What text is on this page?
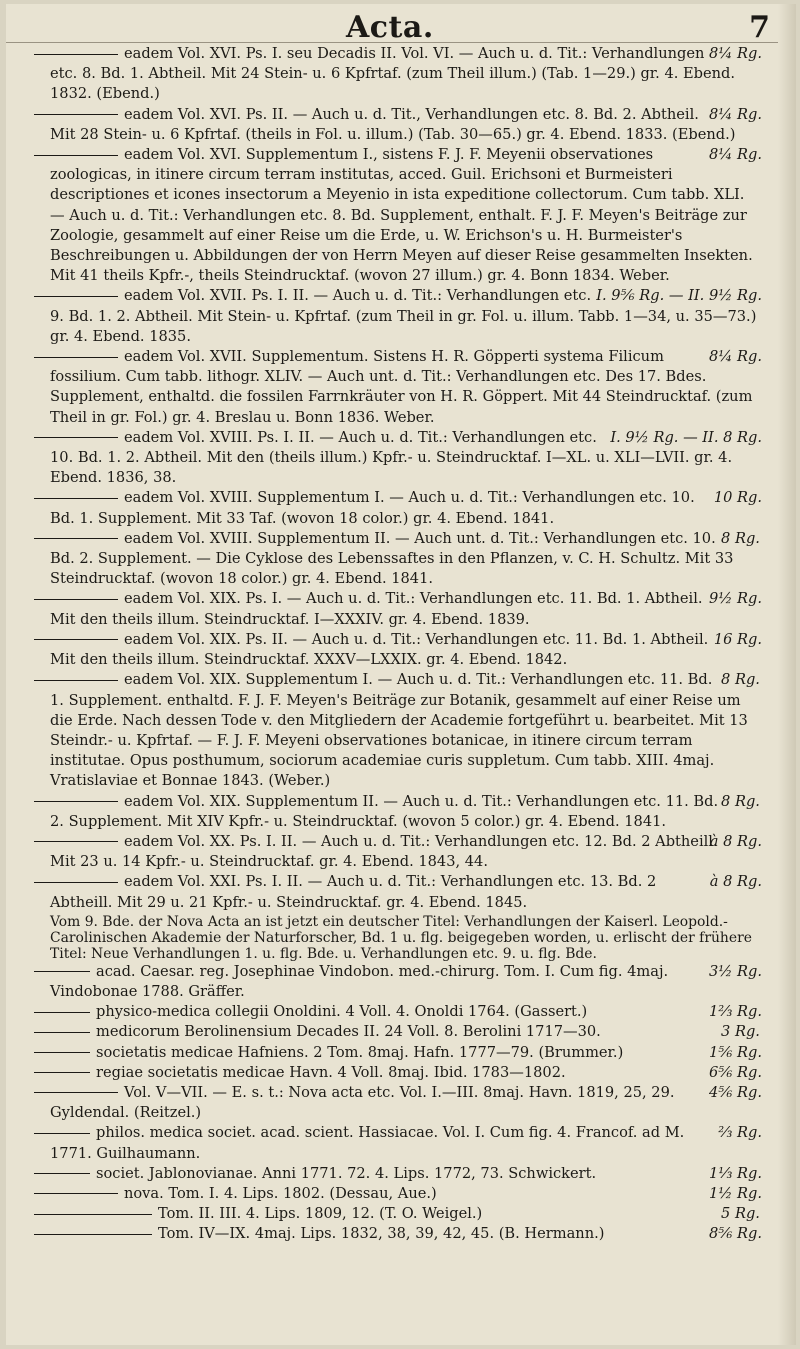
Acta.	7

8¼ Rg.
eadem Vol. XVI. Ps. I. seu Decadis II. Vol. VI. — Auch u. d. Tit.: Verhandlungen etc. 8. Bd. 1. Abtheil. Mit 24 Stein- u. 6 Kpfrtaf. (zum Theil illum.) (Tab. 1—29.) gr. 4. Ebend. 1832. (Ebend.)

8¼ Rg.
eadem Vol. XVI. Ps. II. — Auch u. d. Tit., Verhandlungen etc. 8. Bd. 2. Abtheil. Mit 28 Stein- u. 6 Kpfrtaf. (theils in Fol. u. illum.) (Tab. 30—65.) gr. 4. Ebend. 1833. (Ebend.)

8¼ Rg.
eadem Vol. XVI. Supplementum I., sistens F. J. F. Meyenii observationes zoologicas, in itinere circum terram institutas, acced. Guil. Erichsoni et Burmeisteri descriptiones et icones insectorum a Meyenio in ista expeditione collectorum. Cum tabb. XLI. — Auch u. d. Tit.: Verhandlungen etc. 8. Bd. Supplement, enthalt. F. J. F. Meyen's Beiträge zur Zoologie, gesammelt auf einer Reise um die Erde, u. W. Erichson's u. H. Burmeister's Beschreibungen u. Abbildungen der von Herrn Meyen auf dieser Reise gesammelten Insekten. Mit 41 theils Kpfr.-, theils Steindrucktaf. (wovon 27 illum.) gr. 4. Bonn 1834. Weber.

I. 9⅚ Rg. — II. 9½ Rg.
eadem Vol. XVII. Ps. I. II. — Auch u. d. Tit.: Verhandlungen etc. 9. Bd. 1. 2. Abtheil. Mit Stein- u. Kpfrtaf. (zum Theil in gr. Fol. u. illum. Tabb. 1—34, u. 35—73.) gr. 4. Ebend. 1835.

8¼ Rg.
eadem Vol. XVII. Supplementum. Sistens H. R. Göpperti systema Filicum fossilium. Cum tabb. lithogr. XLIV. — Auch unt. d. Tit.: Verhandlungen etc. Des 17. Bdes. Supplement, enthaltd. die fossilen Farrnkräuter von H. R. Göppert. Mit 44 Steindrucktaf. (zum Theil in gr. Fol.) gr. 4. Breslau u. Bonn 1836. Weber.

I. 9½ Rg. — II. 8 Rg.
eadem Vol. XVIII. Ps. I. II. — Auch u. d. Tit.: Verhandlungen etc. 10. Bd. 1. 2. Abtheil. Mit den (theils illum.) Kpfr.- u. Steindrucktaf. I—XL. u. XLI—LVII. gr. 4. Ebend. 1836, 38.

10 Rg.
eadem Vol. XVIII. Supplementum I. — Auch u. d. Tit.: Verhandlungen etc. 10. Bd. 1. Supplement. Mit 33 Taf. (wovon 18 color.) gr. 4. Ebend. 1841.

8 Rg.
eadem Vol. XVIII. Supplementum II. — Auch unt. d. Tit.: Verhandlungen etc. 10. Bd. 2. Supplement. — Die Cyklose des Lebenssaftes in den Pflanzen, v. C. H. Schultz. Mit 33 Steindrucktaf. (wovon 18 color.) gr. 4. Ebend. 1841.

9½ Rg.
eadem Vol. XIX. Ps. I. — Auch u. d. Tit.: Verhandlungen etc. 11. Bd. 1. Abtheil. Mit den theils illum. Steindrucktaf. I—XXXIV. gr. 4. Ebend. 1839.

16 Rg.
eadem Vol. XIX. Ps. II. — Auch u. d. Tit.: Verhandlungen etc. 11. Bd. 1. Abtheil. Mit den theils illum. Steindrucktaf. XXXV—LXXIX. gr. 4. Ebend. 1842.

8 Rg.
eadem Vol. XIX. Supplementum I. — Auch u. d. Tit.: Verhandlungen etc. 11. Bd. 1. Supplement. enthaltd. F. J. F. Meyen's Beiträge zur Botanik, gesammelt auf einer Reise um die Erde. Nach dessen Tode v. den Mitgliedern der Academie fortgeführt u. bearbeitet. Mit 13 Steindr.- u. Kpfrtaf. — F. J. F. Meyeni observationes botanicae, in itinere circum terram institutae. Opus posthumum, sociorum academiae curis suppletum. Cum tabb. XIII. 4maj. Vratislaviae et Bonnae 1843. (Weber.)

8 Rg.
eadem Vol. XIX. Supplementum II. — Auch u. d. Tit.: Verhandlungen etc. 11. Bd. 2. Supplement. Mit XIV Kpfr.- u. Steindrucktaf. (wovon 5 color.) gr. 4. Ebend. 1841.

à 8 Rg.
eadem Vol. XX. Ps. I. II. — Auch u. d. Tit.: Verhandlungen etc. 12. Bd. 2 Abtheill. Mit 23 u. 14 Kpfr.- u. Steindrucktaf. gr. 4. Ebend. 1843, 44.

à 8 Rg.
eadem Vol. XXI. Ps. I. II. — Auch u. d. Tit.: Verhandlungen etc. 13. Bd. 2 Abtheill. Mit 29 u. 21 Kpfr.- u. Steindrucktaf. gr. 4. Ebend. 1845.

Vom 9. Bde. der Nova Acta an ist jetzt ein deutscher Titel: Verhandlungen der Kaiserl. Leopold.-Carolinischen Akademie der Naturforscher, Bd. 1 u. flg. beigegeben worden, u. erlischt der frühere Titel: Neue Verhandlungen 1. u. flg. Bde. u. Verhandlungen etc. 9. u. flg. Bde.

3½ Rg.
acad. Caesar. reg. Josephinae Vindobon. med.-chirurg. Tom. I. Cum fig. 4maj. Vindobonae 1788. Gräffer.

1⅔ Rg.
physico-medica collegii Onoldini. 4 Voll. 4. Onoldi 1764. (Gassert.)

3 Rg.
medicorum Berolinensium Decades II. 24 Voll. 8. Berolini 1717—30.

1⅚ Rg.
societatis medicae Hafniens. 2 Tom. 8maj. Hafn. 1777—79. (Brummer.)

6⅚ Rg.
regiae societatis medicae Havn. 4 Voll. 8maj. Ibid. 1783—1802.

4⅚ Rg.
Vol. V—VII. — E. s. t.: Nova acta etc. Vol. I.—III. 8maj. Havn. 1819, 25, 29. Gyldendal. (Reitzel.)

⅔ Rg.
philos. medica societ. acad. scient. Hassiacae. Vol. I. Cum fig. 4. Francof. ad M. 1771. Guilhaumann.

1⅓ Rg.
societ. Jablonovianae. Anni 1771. 72. 4. Lips. 1772, 73. Schwickert.

1½ Rg.
nova. Tom. I. 4. Lips. 1802. (Dessau, Aue.)

5 Rg.
Tom. II. III. 4. Lips. 1809, 12. (T. O. Weigel.)

8⅚ Rg.
Tom. IV—IX. 4maj. Lips. 1832, 38, 39, 42, 45. (B. Hermann.)
